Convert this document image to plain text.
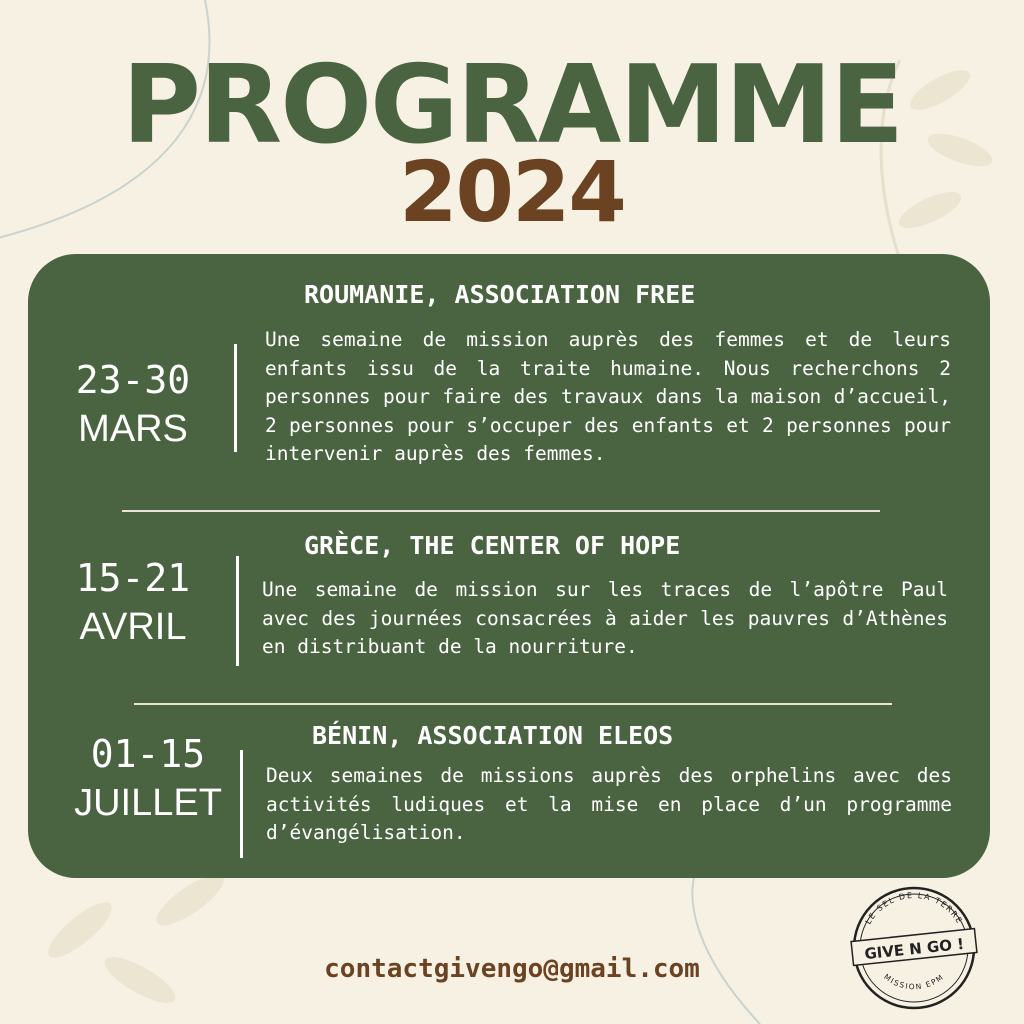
PROGRAMME
2024
ROUMANIE, ASSOCIATION FREE
23-30
MARS
Une semaine de mission auprès des femmes et de leurs enfants issu de la traite humaine. Nous recherchons 2 personnes pour faire des travaux dans la maison d’accueil, 2 personnes pour s’occuper des enfants et 2 personnes pour intervenir auprès des femmes.
GRÈCE, THE CENTER OF HOPE
15-21
AVRIL
Une semaine de mission sur les traces de l’apôtre Paul avec des journées consacrées à aider les pauvres d’Athènes en distribuant de la nourriture.
BÉNIN, ASSOCIATION ELEOS
01-15
JUILLET
Deux semaines de missions auprès des orphelins avec des activités ludiques et la mise en place d’un programme d’évangélisation.
contactgivengo@gmail.com
LE SEL DE LA TERRE
MISSION EPM
GIVE N GO !
